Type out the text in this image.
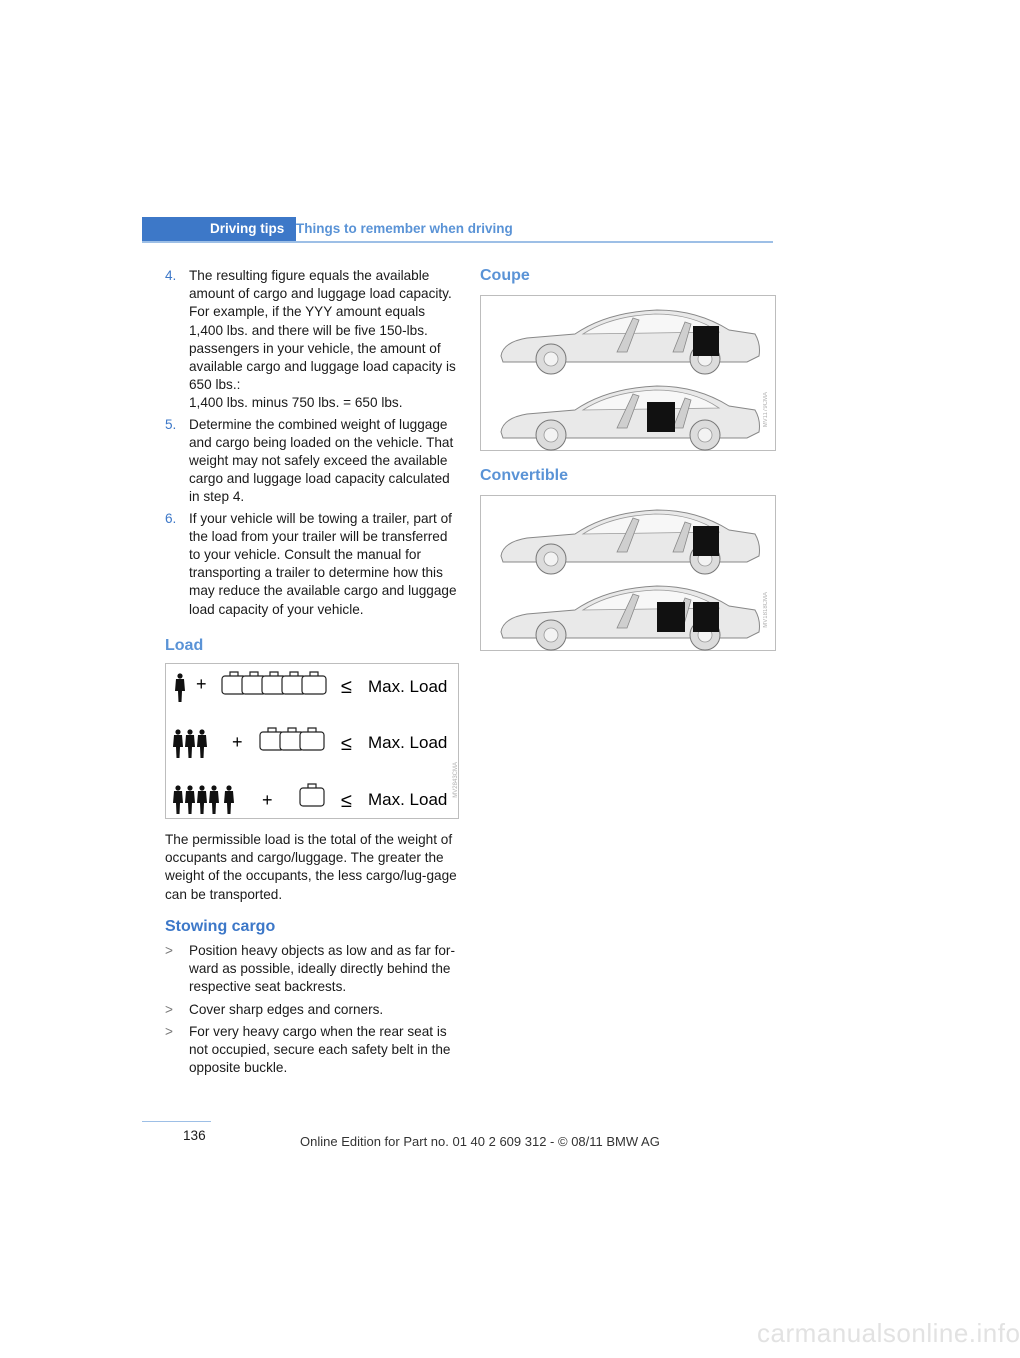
Driving tips Things to remember when driving
4. The resulting figure equals the available amount of cargo and luggage load capacity. For example, if the YYY amount equals 1,400 lbs. and there will be five 150-lbs. passengers in your vehicle, the amount of available cargo and luggage load capacity is 650 lbs.:
1,400 lbs. minus 750 lbs. = 650 lbs.
5. Determine the combined weight of luggage and cargo being loaded on the vehicle. That weight may not safely exceed the available cargo and luggage load capacity calculated in step 4.
6. If your vehicle will be towing a trailer, part of the load from your trailer will be transferred to your vehicle. Consult the manual for transporting a trailer to determine how this may reduce the available cargo and luggage load capacity of your vehicle.
Load
+	≤ Max. Load
+	≤ Max. Load
+	≤ Max. Load
MV2843CMA

The permissible load is the total of the weight of occupants and cargo/luggage. The greater the weight of the occupants, the less cargo/lug-gage can be transported.

Stowing cargo
> Position heavy objects as low and as far for-ward as possible, ideally directly behind the respective seat backrests.
> Cover sharp edges and corners.
> For very heavy cargo when the rear seat is not occupied, secure each safety belt in the opposite buckle.
Coupe
MV1179CMA
Convertible
MV1818CMA
136	Online Edition for Part no. 01 40 2 609 312 - © 08/11 BMW AG
carmanualsonline.info
